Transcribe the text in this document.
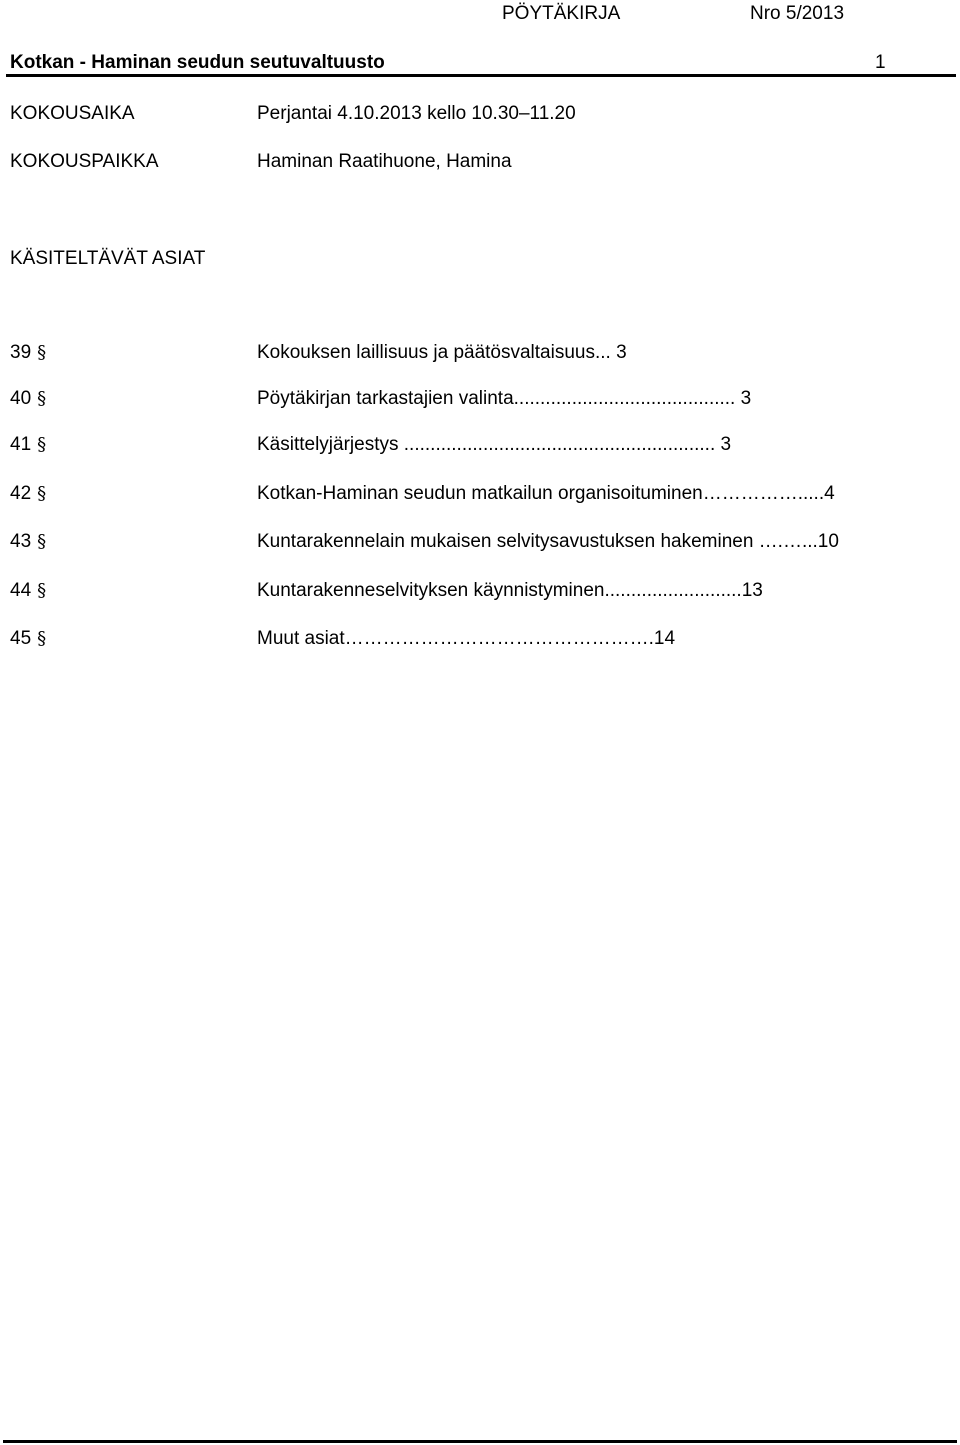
PÖYTÄKIRJA	Nro 5/2013
Kotkan - Haminan seudun seutuvaltuusto	1
KOKOUSAIKA	Perjantai 4.10.2013 kello 10.30–11.20
KOKOUSPAIKKA	Haminan Raatihuone, Hamina
KÄSITELTÄVÄT ASIAT
39 §	Kokouksen laillisuus ja päätösvaltaisuus... 3
40 §	Pöytäkirjan tarkastajien valinta.......................................... 3
41 §	Käsittelyjärjestys ........................................................... 3
42 §	Kotkan-Haminan seudun matkailun organisoituminen…………….....4
43 §	Kuntarakennelain mukaisen selvitysavustuksen hakeminen ….…...10
44 §	Kuntarakenneselvityksen käynnistyminen..........................13
45 §	Muut asiat………………………………………….14
